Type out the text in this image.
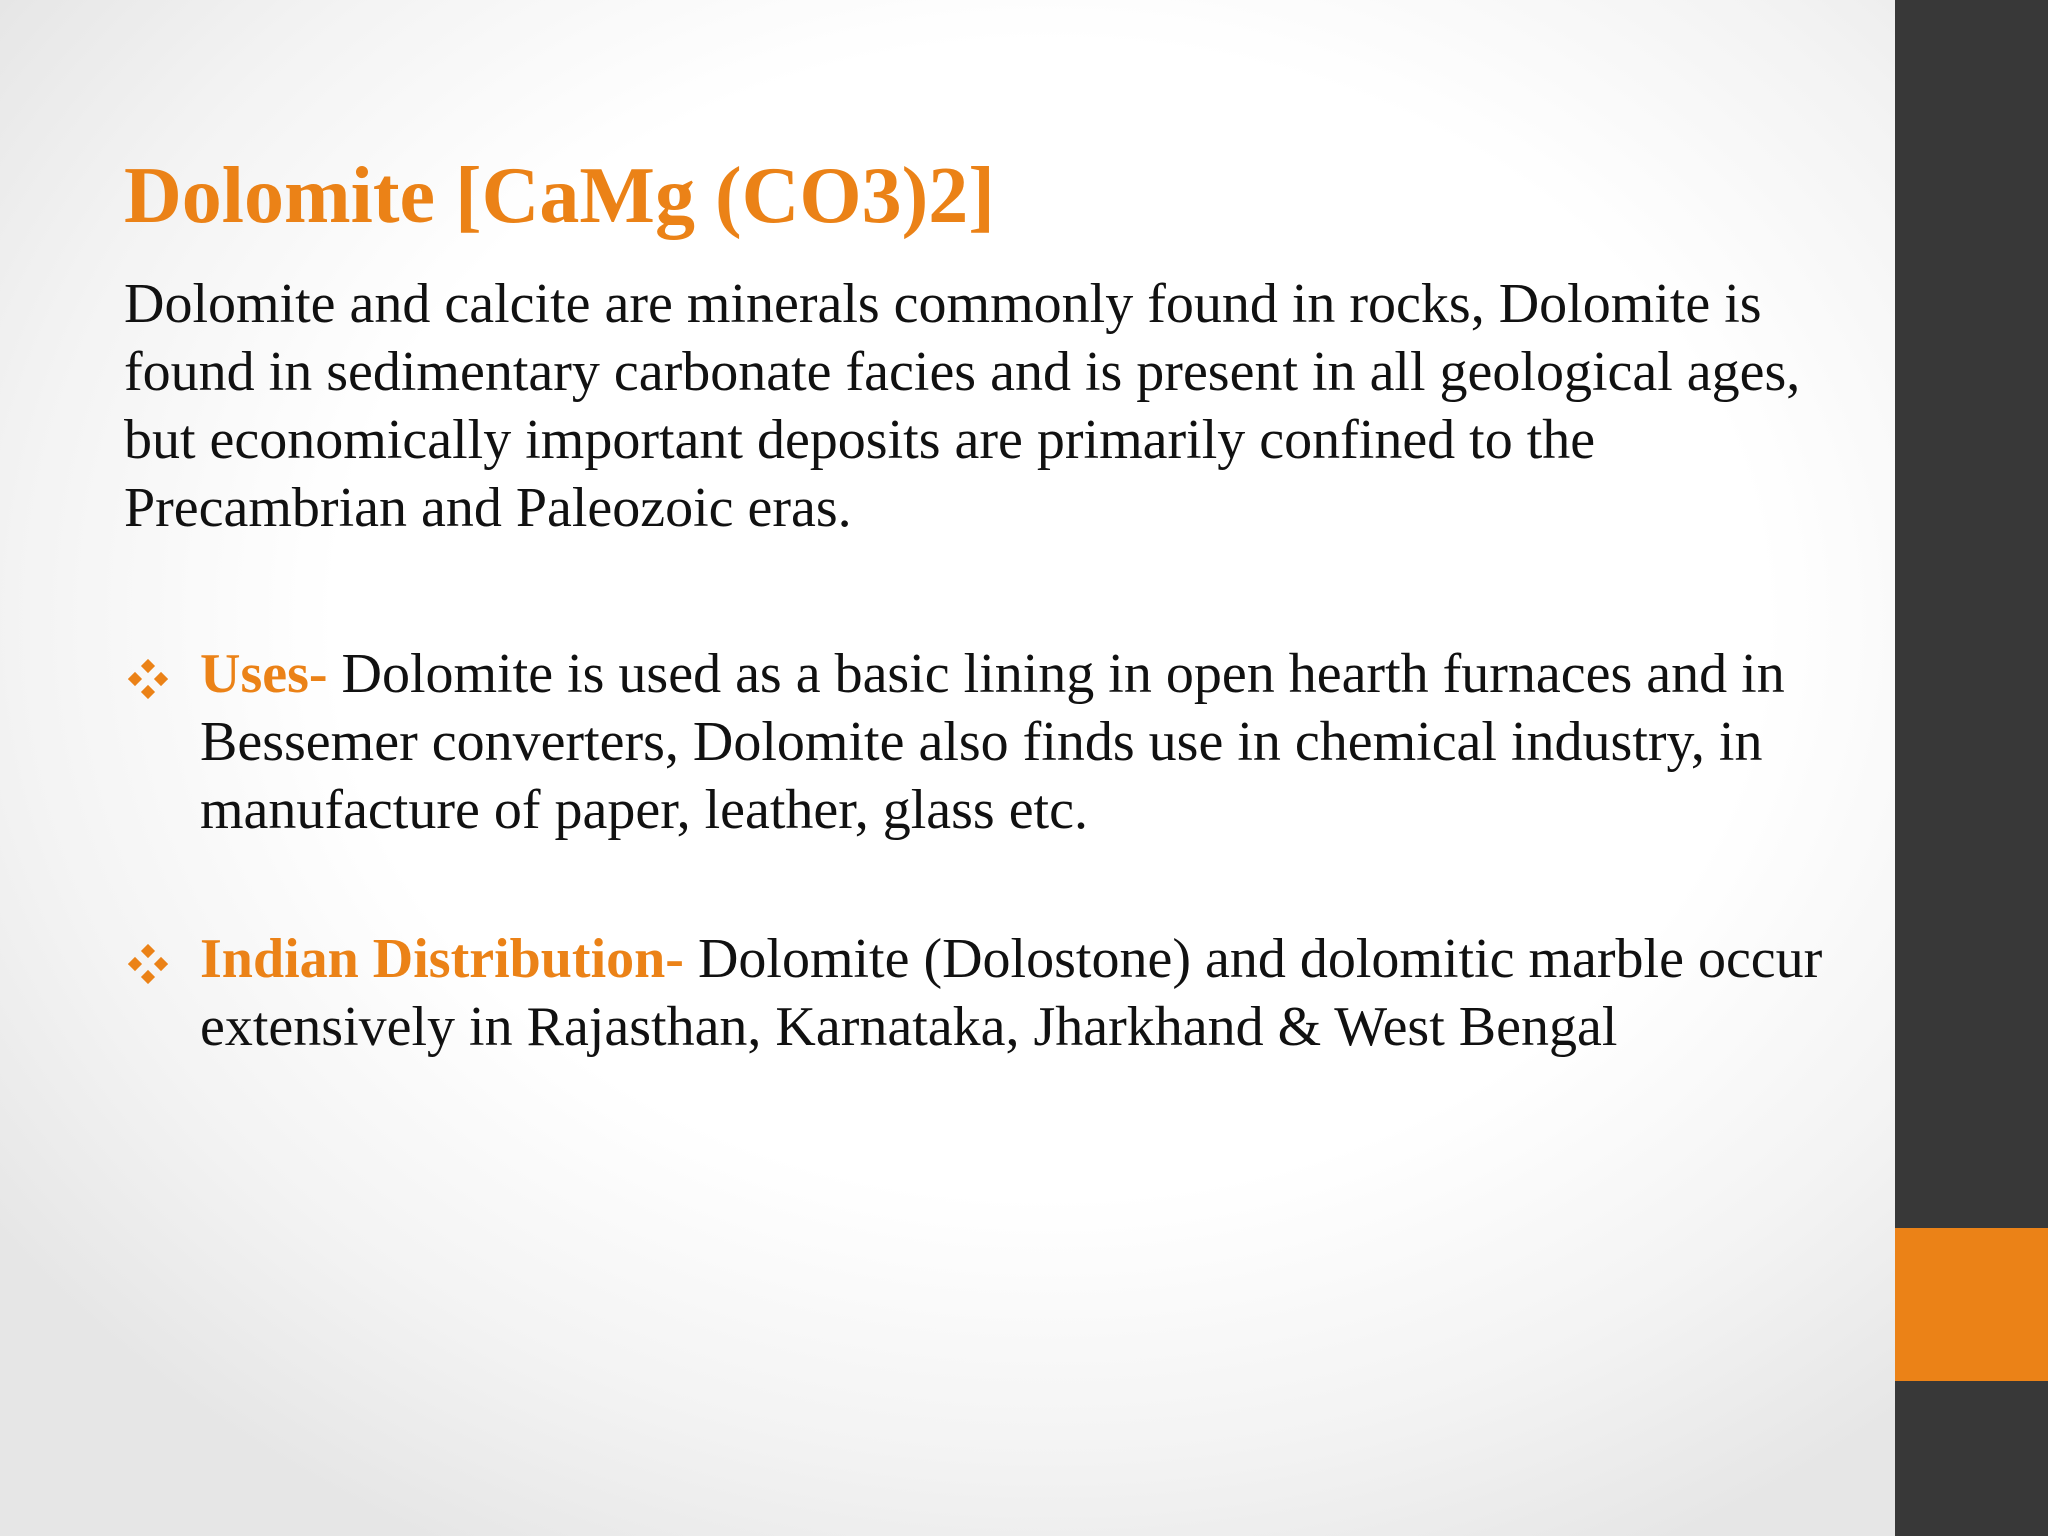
Dolomite [CaMg (CO3)2]

Dolomite and calcite are minerals commonly found in rocks, Dolomite is found in sedimentary carbonate facies and is present in all geological ages, but economically important deposits are primarily confined to the Precambrian and Paleozoic eras.

Uses- Dolomite is used as a basic lining in open hearth furnaces and in Bessemer converters, Dolomite also finds use in chemical industry, in manufacture of paper, leather, glass etc.
Indian Distribution- Dolomite (Dolostone) and dolomitic marble occur extensively in Rajasthan, Karnataka, Jharkhand & West Bengal
